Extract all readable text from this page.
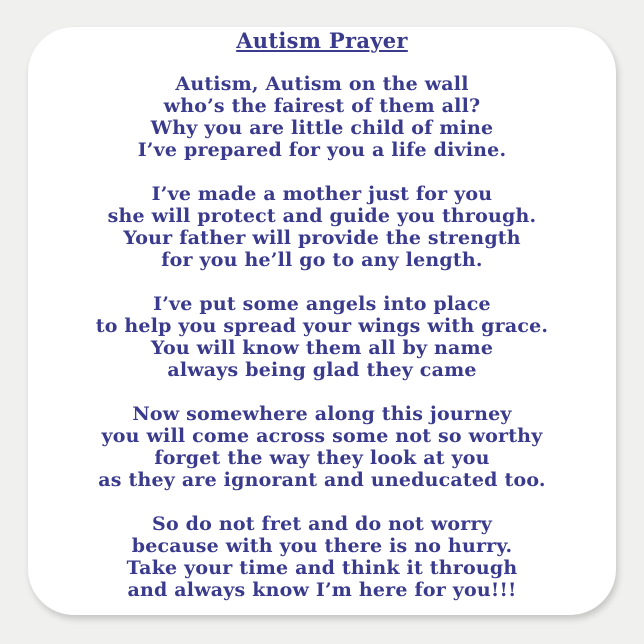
Autism Prayer
Autism, Autism on the wall
who’s the fairest of them all?
Why you are little child of mine
I’ve prepared for you a life divine.
I’ve made a mother just for you
she will protect and guide you through.
Your father will provide the strength
for you he’ll go to any length.
I’ve put some angels into place
to help you spread your wings with grace.
You will know them all by name
always being glad they came
Now somewhere along this journey
you will come across some not so worthy
forget the way they look at you
as they are ignorant and uneducated too.
So do not fret and do not worry
because with you there is no hurry.
Take your time and think it through
and always know I’m here for you!!!
